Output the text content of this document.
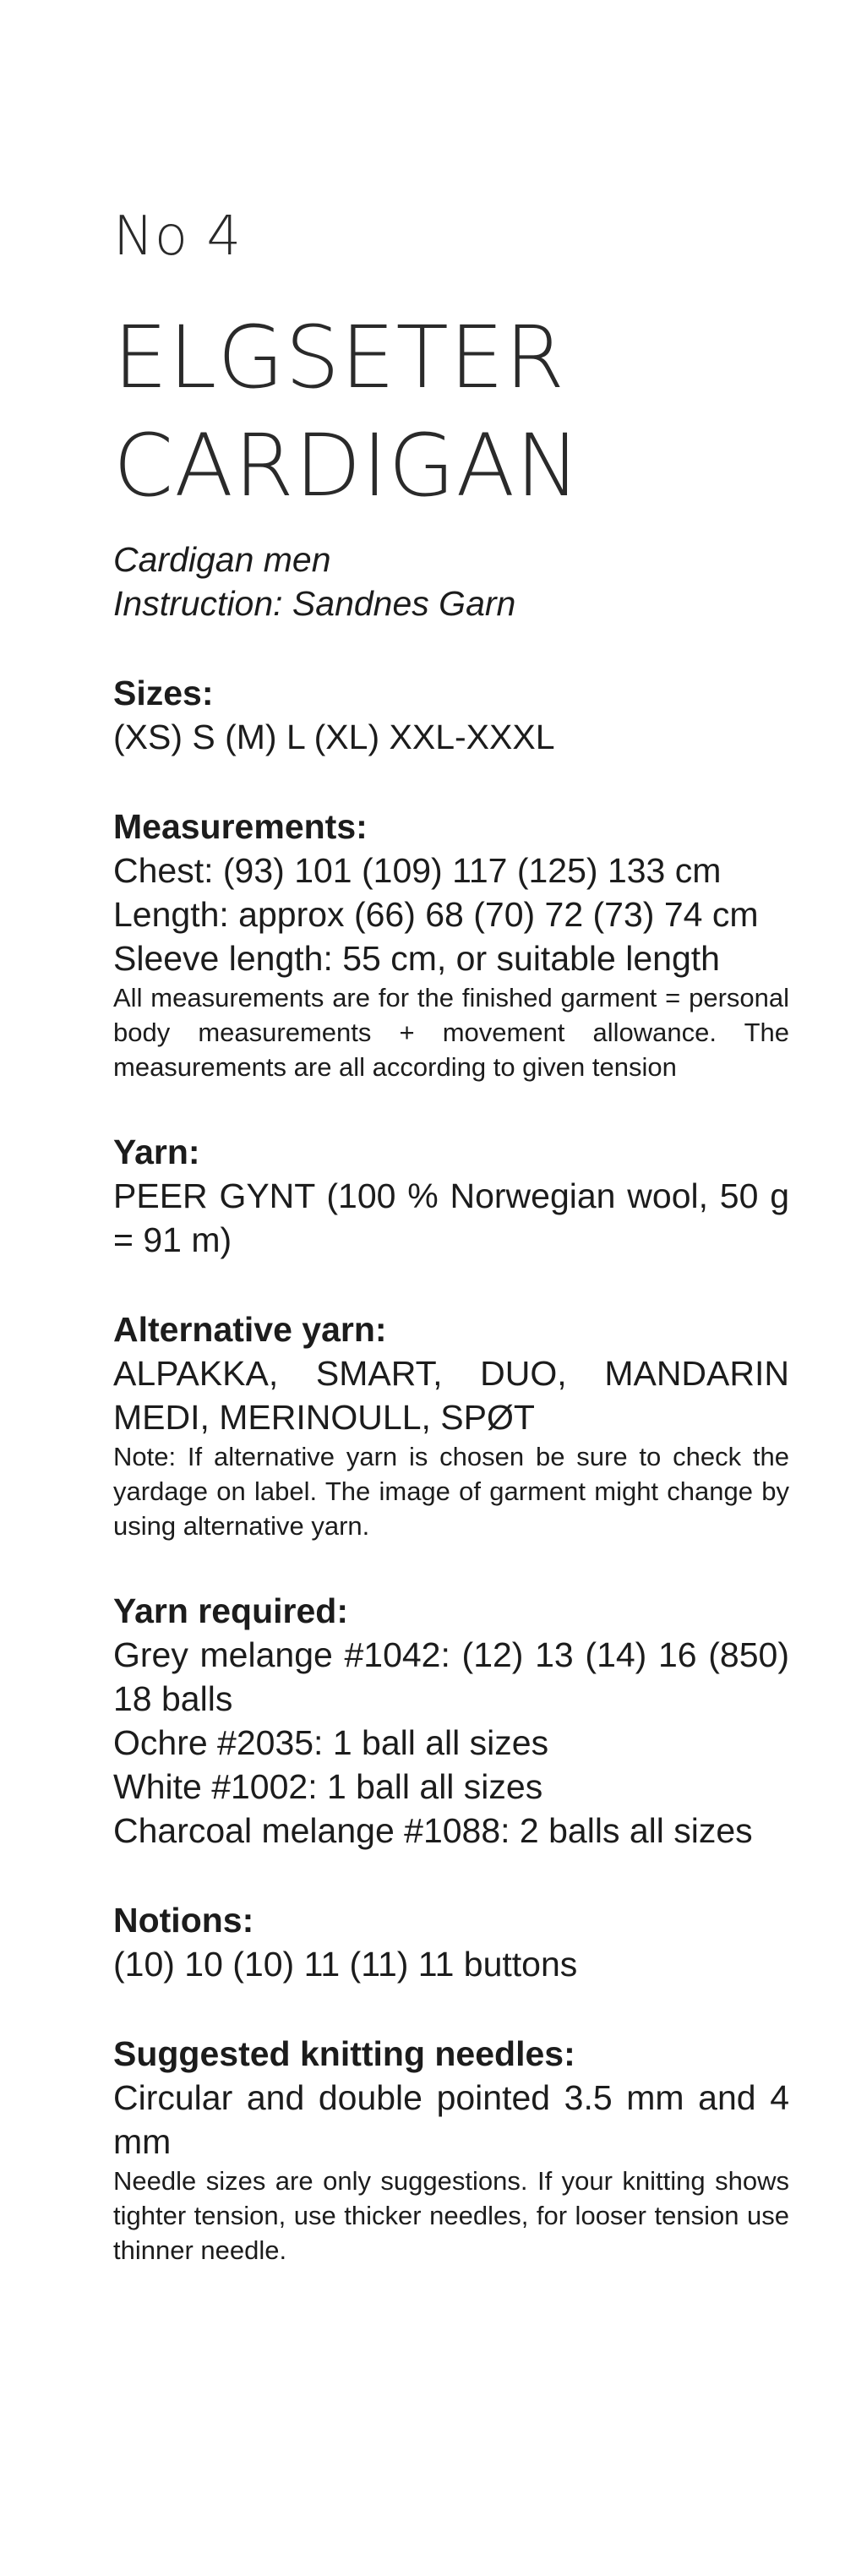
No 4
ELGSETER
CARDIGAN
Cardigan men
Instruction: Sandnes Garn

Sizes:

(XS) S (M) L (XL) XXL-XXXL

Measurements:

Chest: (93) 101 (109) 117 (125) 133 cm

Length: approx (66) 68 (70) 72 (73) 74 cm

Sleeve length: 55 cm, or suitable length

All measurements are for the finished garment = personal body measurements + movement allowance. The measurements are all according to given tension

Yarn:

PEER GYNT (100 % Norwegian wool, 50 g = 91 m)

Alternative yarn:

ALPAKKA, SMART, DUO, MANDARIN MEDI, MERINOULL, SPØT

Note: If alternative yarn is chosen be sure to check the yardage on label. The image of garment might change by using alternative yarn.

Yarn required:

Grey melange #1042: (12) 13 (14) 16 (850) 18 balls

Ochre #2035: 1 ball all sizes

White #1002: 1 ball all sizes

Charcoal melange #1088: 2 balls all sizes

Notions:

(10) 10 (10) 11 (11) 11 buttons

Suggested knitting needles:

Circular and double pointed 3.5 mm and 4 mm

Needle sizes are only suggestions. If your knitting shows tighter tension, use thicker needles, for looser tension use thinner needle.
